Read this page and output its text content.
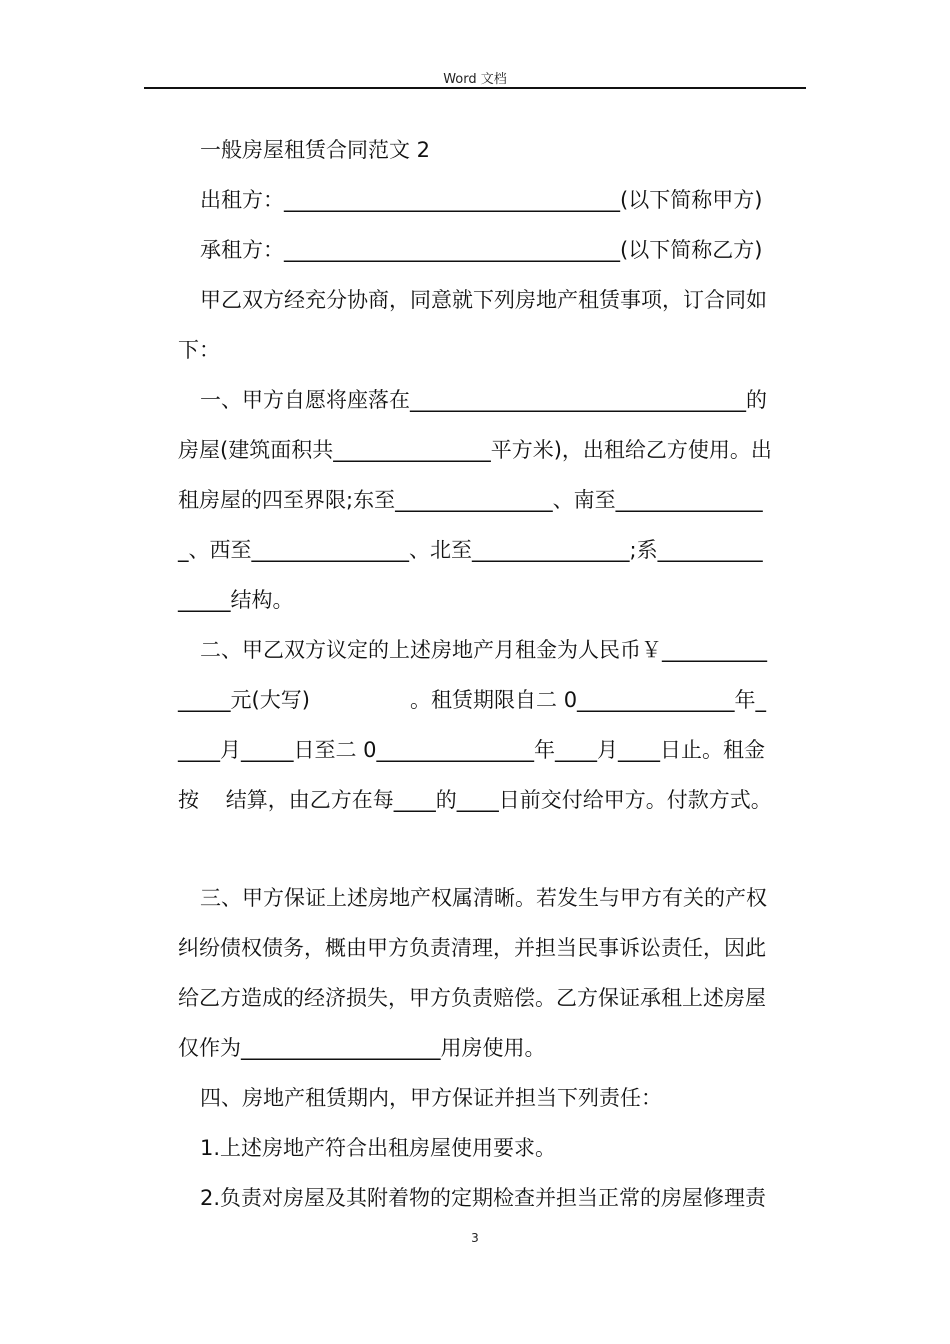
Word 文档
一般房屋租赁合同范文 2
出租方：________________________________(以下简称甲方)
承租方：________________________________(以下简称乙方)
甲乙双方经充分协商，同意就下列房地产租赁事项，订合同如
下：
一、甲方自愿将座落在________________________________的
房屋(建筑面积共_______________平方米)，出租给乙方使用。出
租房屋的四至界限;东至_______________、南至______________
_、西至_______________、北至_______________;系__________
_____结构。
二、甲乙双方议定的上述房地产月租金为人民币￥__________
_____元(大写)               。租赁期限自二 0_______________年_
____月_____日至二 0_______________年____月____日止。租金
按    结算，由乙方在每____的____日前交付给甲方。付款方式。
三、甲方保证上述房地产权属清晰。若发生与甲方有关的产权
纠纷债权债务，概由甲方负责清理，并担当民事诉讼责任，因此
给乙方造成的经济损失，甲方负责赔偿。乙方保证承租上述房屋
仅作为___________________用房使用。
四、房地产租赁期内，甲方保证并担当下列责任：
1.上述房地产符合出租房屋使用要求。
2.负责对房屋及其附着物的定期检查并担当正常的房屋修理责
3
